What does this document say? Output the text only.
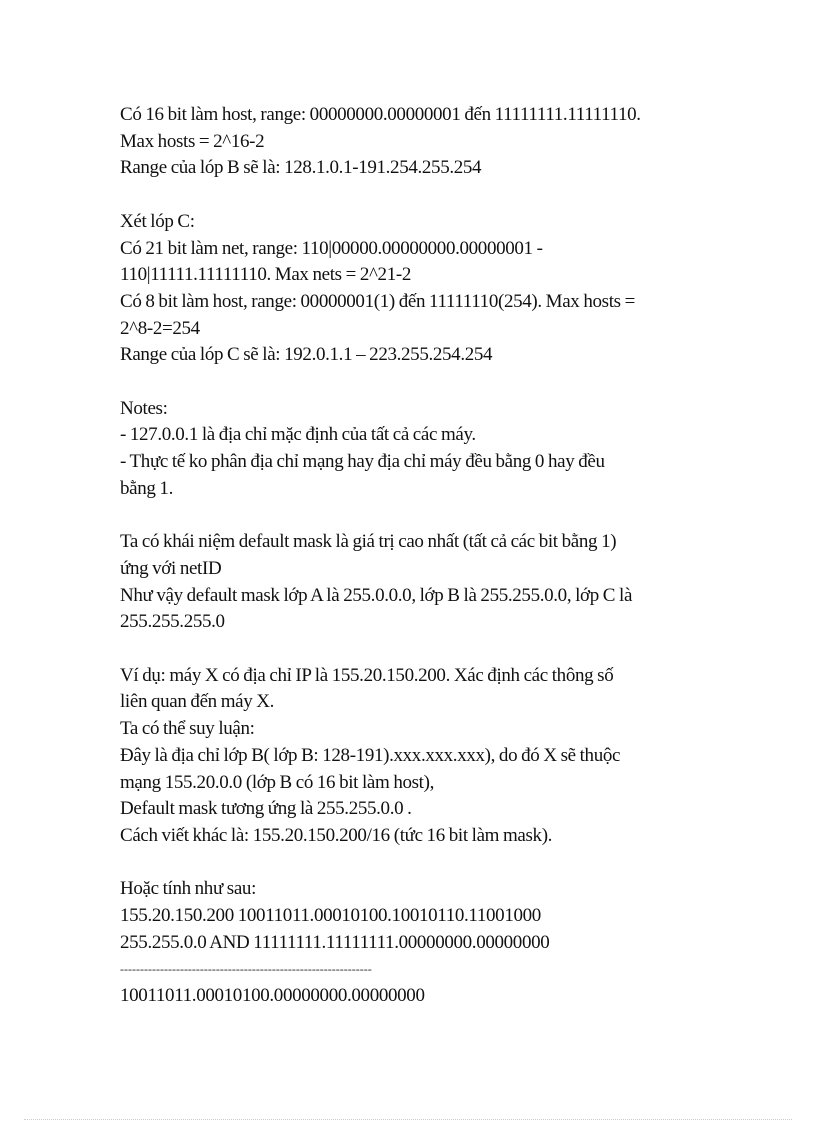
Có 16 bit làm host, range: 00000000.00000001 đến 11111111.11111110.
Max hosts = 2^16-2
Range của lóp B sẽ là: 128.1.0.1-191.254.255.254

Xét lóp C:
Có 21 bit làm net, range: 110|00000.00000000.00000001 -
110|11111.11111110. Max nets = 2^21-2
Có 8 bit làm host, range: 00000001(1) đến 11111110(254). Max hosts =
2^8-2=254
Range của lóp C sẽ là: 192.0.1.1 – 223.255.254.254

Notes:
- 127.0.0.1 là địa chỉ mặc định của tất cả các máy.
- Thực tế ko phân địa chỉ mạng hay địa chỉ máy đều bằng 0 hay đều
bằng 1.

Ta có khái niệm default mask là giá trị cao nhất (tất cả các bit bằng 1)
ứng với netID
Như vậy default mask lớp A là 255.0.0.0, lớp B là 255.255.0.0, lớp C là
255.255.255.0

Ví dụ: máy X có địa chỉ IP là 155.20.150.200. Xác định các thông số
liên quan đến máy X.
Ta có thể suy luận:
Đây là địa chỉ lớp B( lớp B: 128-191).xxx.xxx.xxx), do đó X sẽ thuộc
mạng 155.20.0.0 (lớp B có 16 bit làm host),
Default mask tương ứng là 255.255.0.0 .
Cách viết khác là: 155.20.150.200/16 (tức 16 bit làm mask).

Hoặc tính như sau:
155.20.150.200 10011011.00010100.10010110.11001000
255.255.0.0 AND 11111111.11111111.00000000.00000000
---------------------------------------------------------------
10011011.00010100.00000000.00000000
